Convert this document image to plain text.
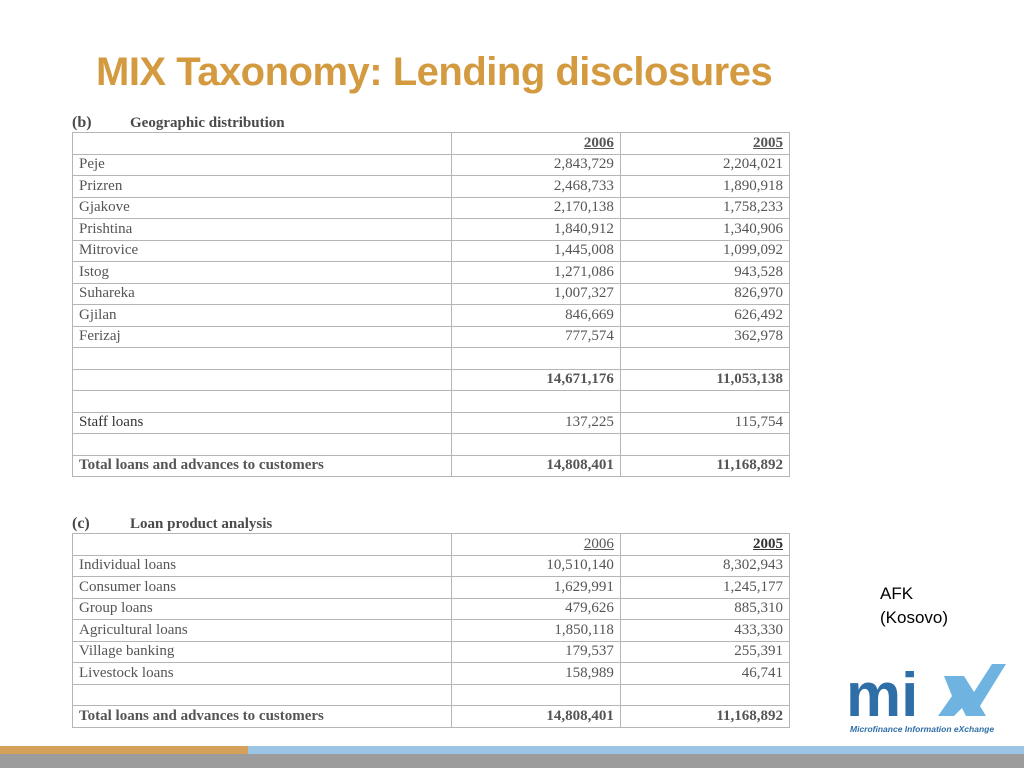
MIX Taxonomy: Lending disclosures
(b)	Geographic distribution
	2006	2005
Peje	2,843,729	2,204,021
Prizren	2,468,733	1,890,918
Gjakove	2,170,138	1,758,233
Prishtina	1,840,912	1,340,906
Mitrovice	1,445,008	1,099,092
Istog	1,271,086	943,528
Suhareka	1,007,327	826,970
Gjilan	846,669	626,492
Ferizaj	777,574	362,978

	14,671,176	11,053,138

Staff loans	137,225	115,754

Total loans and advances to customers	14,808,401	11,168,892
(c)	Loan product analysis
	2006	2005
Individual loans	10,510,140	8,302,943
Consumer loans	1,629,991	1,245,177
Group loans	479,626	885,310
Agricultural loans	1,850,118	433,330
Village banking	179,537	255,391
Livestock loans	158,989	46,741

Total loans and advances to customers	14,808,401	11,168,892
AFK
(Kosovo)
mi
Microfinance Information eXchange
